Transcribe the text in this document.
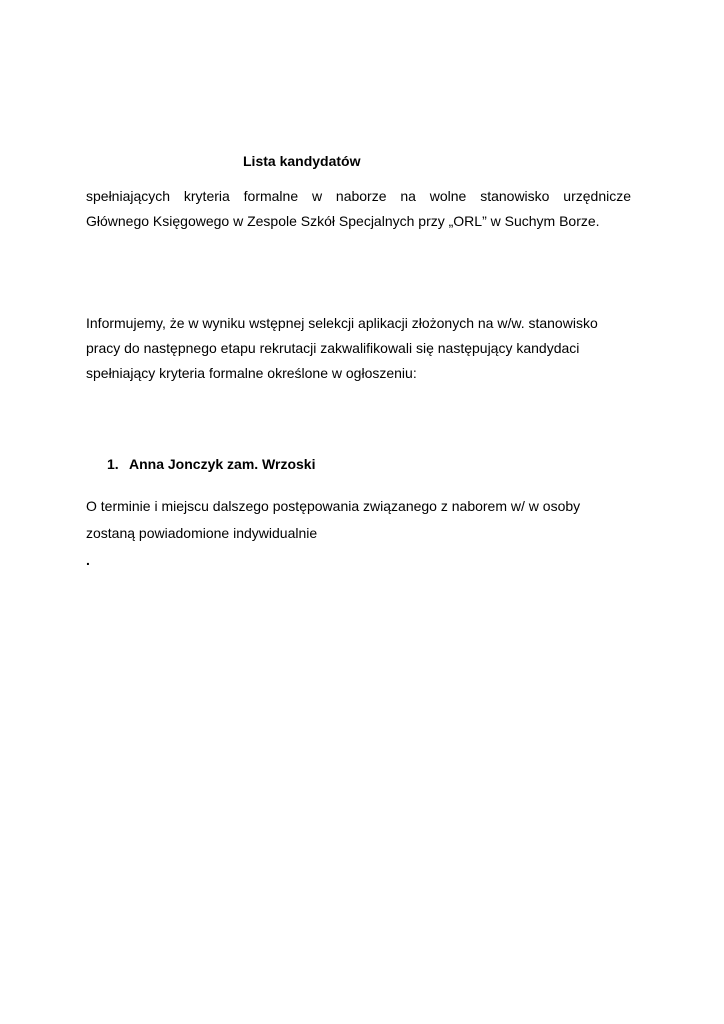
Lista kandydatów
spełniających kryteria formalne w naborze na wolne stanowisko urzędnicze
Głównego Księgowego w Zespole Szkół Specjalnych przy „ORL” w Suchym Borze.
Informujemy, że w wyniku wstępnej selekcji aplikacji złożonych na w/w. stanowisko
pracy do następnego etapu rekrutacji zakwalifikowali się następujący kandydaci
spełniający kryteria formalne określone w ogłoszeniu:
1. Anna Jonczyk zam. Wrzoski
O terminie i miejscu dalszego postępowania związanego z naborem w/ w osoby
zostaną powiadomione indywidualnie
.
